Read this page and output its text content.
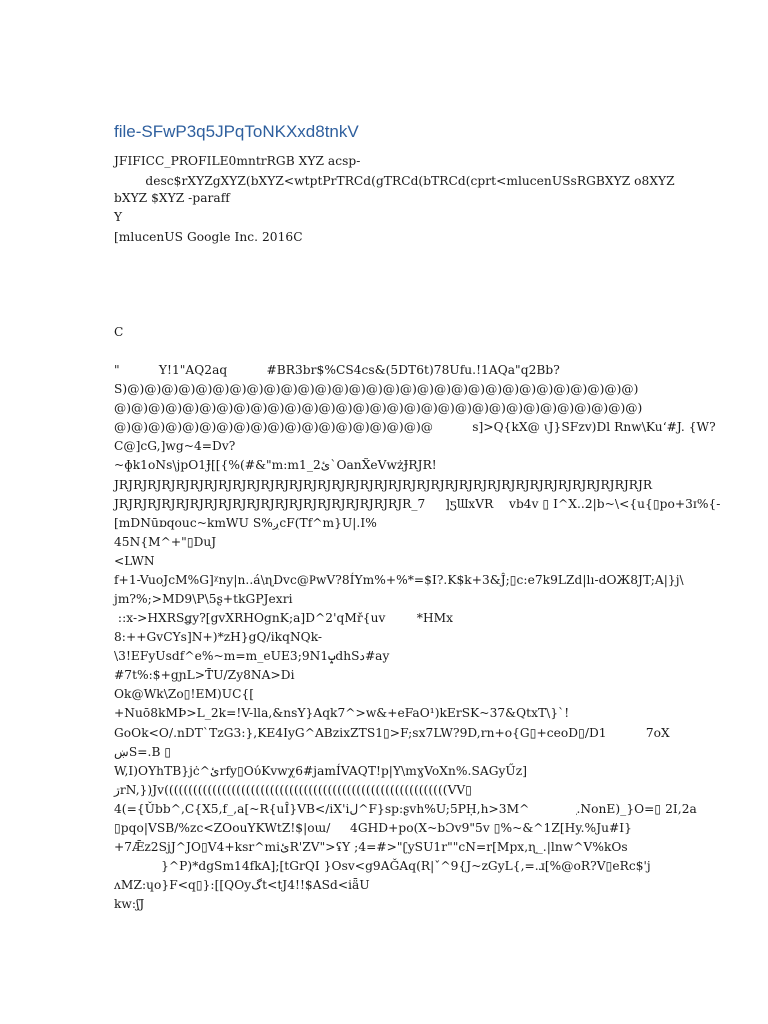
file-SFwP3q5JPqToNKXxd8tnkV
JFIFICC_PROFILE0mntrRGB XYZ acsp-
desc$rXYZgXYZ(bXYZ<wtptPrTRCd(gTRCd(bTRCd(cprt<mlucenUSsRGBXYZ o8XYZ
bXYZ $XYZ -paraff
Y
[mlucenUS Google Inc. 2016C
C
"          Y!1"AQ2aq          #BR3br$%CS4cs&(5DT6t)78Ufu.!1AQa"q2Bb?
S)@)@)@)@)@)@)@)@)@)@)@)@)@)@)@)@)@)@)@)@)@)@)@)@)@)@)@)@)@)@)
@)@)@)@)@)@)@)@)@)@)@)@)@)@)@)@)@)@)@)@)@)@)@)@)@)@)@)@)@)@)@)
@)@)@)@)@)@)@)@)@)@)@)@)@)@)@)@)@)@)@          s]>Q{kX@ ɩJ}SFzv)Dl Rnw\Kuʻ#J. {W?
C@]cG,]wg~4=Dv?
~ɸk1oNs\jpO1Ɉ[[{%(#&"m:m1_2ئ`OanX̃eVwżɈRJR!
JRJRJRJRJRJRJRJRJRJRJRJRJRJRJRJRJRJRJRJRJRJRJRJRJRJRJRJRJRJRJRJRJRJRJRJRJRJR
JRJRJRJRJRJRJRJRJRJRJRJRJRJRJRJRJRJRJRJRJR_7     ]ƽƜxVR    vb4v ▯ I^X..2|b~\<{u{▯po+3ɪ%{-
[mDNūɒqouc~kmWU S%ږcF(Tf^m}U|.I%
45N{M^+"▯DuJ
<LWN
f+1-VuoJcM%G]ᵡny|n..á\ɳDvc@ҎwV?8ÍYm%+%*=$I?.K$k+3&Ĵ;▯c:e7k9LZd|lı-dOЖ8JT;A|}j\
jm?%;>MD9\P\5ʂ+tkGPJexri
::x->HXRSǥy?[gvXRHOgnK;a]D^2'qMř{uv        *HMx
8:++GvCYs]N+)*zH}gQ/ikqNQk-
\3!EFyUsdf^e%~m=m_eUE3;9N1ݒdhSد#ay
#7t%:$+gɲL>T̄U/Zy8NA>Di
Ok@Wk\Zo▯!EM)UC{[
+Nuō8kMÞ>L_2k=!V-lla,&nsY}Aqk7^>w&+eFaO¹)kErSK~37&QtxT\}`!
GoOk<O/.nDT`TzG3:},KE4IyG^ABzixZTS1▯>F;sx7LW?9D,rn+o{G▯+ceoD▯/D1          7oX
ښS=.B ▯
W,I)OYhTB}jċ^ئrfy▯OύKvwχ6#jamÍVAQT!p|Y\mɣVoXn%.SAGyŰz]
ڗrN,})Jv(((((((((((((((((((((((((((((((((((((((((((((((((((((((((((VV▯
4(={Ǔbb^,C{X5,f_,a[~R{uÎ}VB</iX'iل^F}sp:ʂvh%U;5PḤ,h>3M^            ֽ.NonE)_}O=▯ 2I,2a
▯pqo|VSB/%zc<ZOouYKWtZ!$|oɯ/     4GHD+po(X~bƆv9"5v ▯%~&^1Z[Hy.%Ju#I}
+7Ǣz2SjJ^JO▯V4+ksr^miئR'ZV">ʢY ;4=#>"ʗySU1r""cN=r[Mpx,ɳ_.|lnw^V%kOs
}^P)*dgSm14fkA];[tGrQI }Osv<g9AǦAq(R|ˇ^9{J~zGyL{,=.ɹ[%@oR?V▯eRc$'j
ʌMZ:ɥo}F<q▯}:[[QOyگt<tJ4!!$ASd<iǟU
kw:ʃJ
